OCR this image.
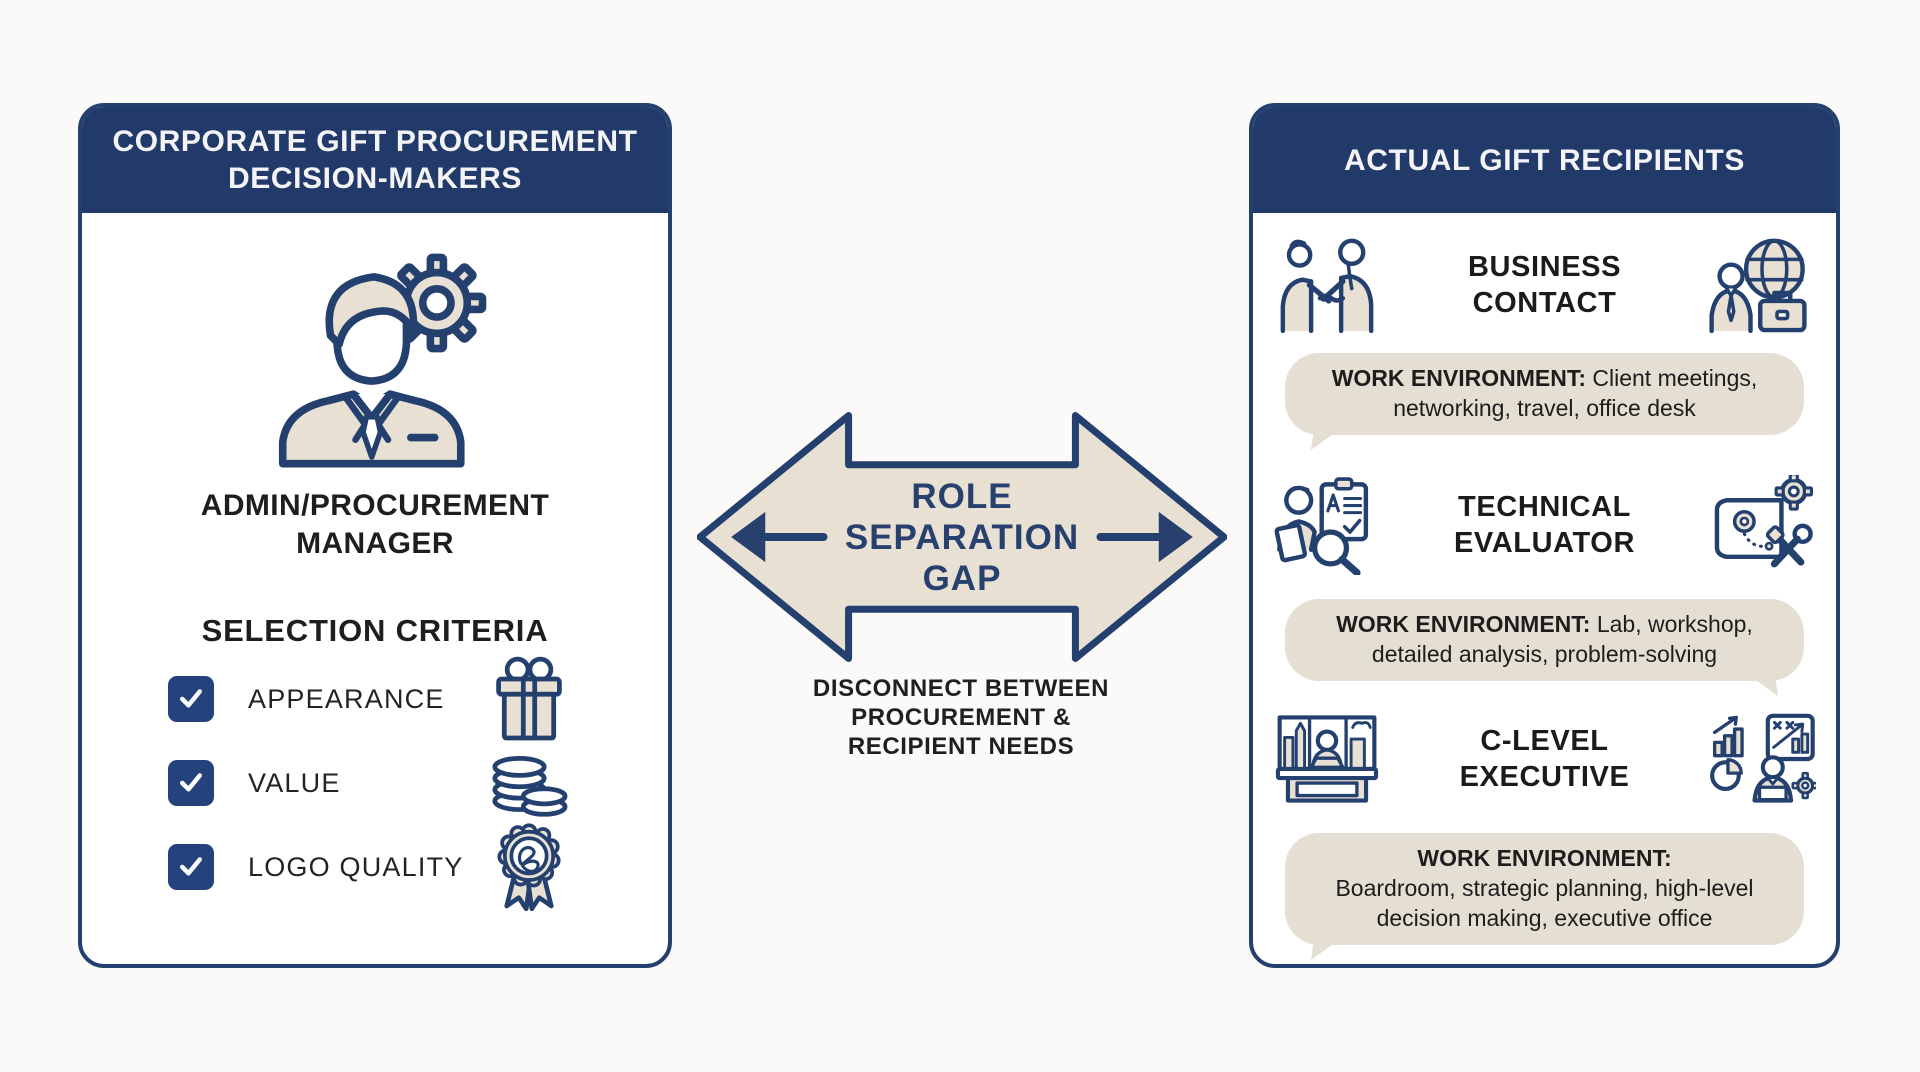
CORPORATE GIFT PROCUREMENT
DECISION-MAKERS
ADMIN/PROCUREMENT
MANAGER
SELECTION CRITERIA
APPEARANCE
VALUE
LOGO QUALITY
ROLE
SEPARATION
GAP
DISCONNECT BETWEEN
PROCUREMENT &
RECIPIENT NEEDS
ACTUAL GIFT RECIPIENTS
BUSINESS
CONTACT
WORK ENVIRONMENT: Client meetings, networking, travel, office desk
TECHNICAL
EVALUATOR
WORK ENVIRONMENT: Lab, workshop, detailed analysis, problem-solving
C-LEVEL
EXECUTIVE
WORK ENVIRONMENT:
Boardroom, strategic planning, high-level decision making, executive office
